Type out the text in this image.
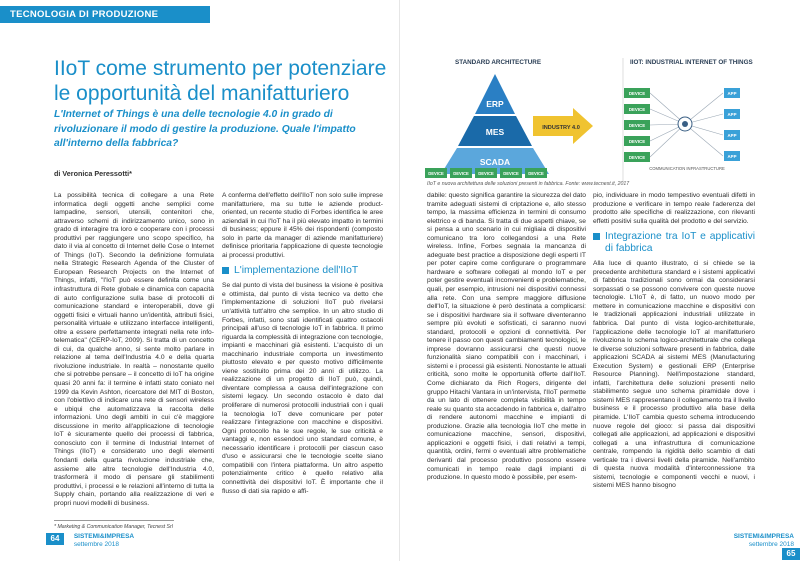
TECNOLOGIA DI PRODUZIONE
IIoT come strumento per potenziare le opportunità del manifatturiero
L'Internet of Things è una delle tecnologie 4.0 in grado di rivoluzionare il modo di gestire la produzione. Quale l'impatto all'interno della fabbrica?
di Veronica Peressotti*

La possibilità tecnica di collegare a una Rete informatica degli oggetti anche semplici come lampadine, sensori, utensili, contenitori che, attraverso schemi di indirizzamento unico, sono in grado di interagire tra loro e cooperare con i processi produttivi per raggiungere uno scopo specifico, ha dato il via al concetto di Internet delle Cose o Internet of Things (IoT). Secondo la definizione formulata nella Strategic Research Agenda of the Cluster of European Research Projects on the Internet of Things, infatti, "l'IoT può essere definita come una infrastruttura di Rete globale e dinamica con capacità di auto configurazione sulla base di protocolli di comunicazione standard e interoperabili, dove gli oggetti fisici e virtuali hanno un'identità, attributi fisici, personalità virtuale e utilizzano interfacce intelligenti, oltre a essere perfettamente integrati nella rete info-telematica" (CERP-IoT, 2009). Si tratta di un concetto di cui, da qualche anno, si sente molto parlare in relazione al tema dell'Industria 4.0 e della quarta rivoluzione industriale. In realtà – nonostante quello che si potrebbe pensare – il concetto di IoT ha origine quasi 20 anni fa: il termine è infatti stato coniato nel 1999 da Kevin Ashton, ricercatore del MIT di Boston, con l'obiettivo di indicare una rete di sensori wireless e ubiqui che automatizzava la raccolta delle informazioni. Uno degli ambiti in cui c'è maggiore discussione in merito all'applicazione di tecnologie IoT è sicuramente quello dei processi di fabbrica, conosciuto con il termine di Industrial Internet of Things (IIoT) e considerato uno degli elementi fondanti della quarta rivoluzione industriale che, assieme alle altre tecnologie dell'Industria 4.0, trasformerà il modo di pensare gli stabilimenti produttivi, i processi e le relazioni all'interno di tutta la Supply chain, portando alla realizzazione di veri e propri nuovi modelli di business.

A conferma dell'effetto dell'IIoT non solo sulle imprese manifatturiere, ma su tutte le aziende product-oriented, un recente studio di Forbes identifica le aree aziendali in cui l'IoT ha il più elevato impatto in termini di business; eppure il 45% dei rispondenti (composto solo in parte da manager di aziende manifatturiere) definisce prioritaria l'applicazione di queste tecnologie ai processi produttivi.

L'implementazione dell'IIoT

Se dal punto di vista del business la visione è positiva e ottimista, dal punto di vista tecnico va detto che l'implementazione di soluzioni IIoT può rivelarsi un'attività tutt'altro che semplice. In un altro studio di Forbes, infatti, sono stati identificati quattro ostacoli principali all'uso di tecnologie IoT in fabbrica. Il primo riguarda la complessità di integrazione con tecnologie, impianti e macchinari già esistenti. L'acquisto di un macchinario industriale comporta un investimento piuttosto elevato e per questo motivo difficilmente viene sostituito prima dei 20 anni di utilizzo. La realizzazione di un progetto di IIoT può, quindi, diventare complessa a causa dell'integrazione con sistemi legacy. Un secondo ostacolo è dato dal proliferare di numerosi protocolli industriali con i quali la tecnologia IoT deve comunicare per poter realizzare l'integrazione con macchine e dispositivi. Ogni protocollo ha le sue regole, le sue criticità e vantaggi e, non essendoci uno standard comune, è necessario identificare i protocolli per ciascun caso d'uso e assicurarsi che le tecnologie scelte siano compatibili con l'intera piattaforma. Un altro aspetto potenzialmente critico è quello relativo alla connettività dei dispositivi IoT. È importante che il flusso di dati sia rapido e affi-

* Marketing & Communication Manager, Tecnest Srl
64 SISTEMI&IMPRESA
settembre 2018
STANDARD ARCHITECTURE	IIOT: INDUSTRIAL INTERNET OF THINGS
ERP
MES
SCADA
INDUSTRY 4.0
DEVICE
DEVICE
DEVICE
DEVICE
DEVICE
COMMUNICATION INFRASTRUCTURE
APP
APP
APP
APP
DEVICE DEVICE DEVICE DEVICE DEVICE
IIoT e nuova architettura delle soluzioni presenti in fabbrica. Fonte: www.tecnest.it, 2017

dabile: questo significa garantire la sicurezza del dato tramite adeguati sistemi di criptazione e, allo stesso tempo, la massima efficienza in termini di consumo elettrico e di banda. Si tratta di due aspetti chiave, se si pensa a uno scenario in cui migliaia di dispositivi comunicano tra loro collegandosi a una Rete wireless. Infine, Forbes segnala la mancanza di adeguate best practice a disposizione degli esperti IT per poter capire come configurare o programmare hardware e software collegati al mondo IoT e per poter gestire eventuali inconvenienti e problematiche, quali, per esempio, intrusioni nei dispositivi connessi alla rete. Con una sempre maggiore diffusione dell'IoT, la situazione è però destinata a complicarsi: se i dispositivi hardware sia il software diventeranno sempre più evoluti e sofisticati, ci saranno nuovi standard, protocolli e opzioni di connettività. Per tenere il passo con questi cambiamenti tecnologici, le imprese dovranno assicurarsi che questi nuove funzionalità siano compatibili con i macchinari, i sistemi e i processi già esistenti. Nonostante le attuali criticità, sono molte le opportunità offerte dall'IIoT. Come dichiarato da Rich Rogers, dirigente del gruppo Hitachi Vantara in un'intervista, l'IIoT permette da un lato di ottenere completa visibilità in tempo reale su quanto sta accadendo in fabbrica e, dall'altro di rendere autonomi macchine e impianti di produzione. Grazie alla tecnologia IIoT che mette in comunicazione macchine, sensori, dispositivi, applicazioni e oggetti fisici, i dati relativi a tempi, quantità, ordini, fermi o eventuali altre problematiche derivanti dal processo produttivo possono essere comunicati in tempo reale dagli impianti di produzione. In questo modo è possibile, per esem-

pio, individuare in modo tempestivo eventuali difetti in produzione e verificare in tempo reale l'aderenza del prodotto alle specifiche di realizzazione, con rilevanti effetti positivi sulla qualità del prodotto e del servizio.

Integrazione tra IoT e applicativi di fabbrica

Alla luce di quanto illustrato, ci si chiede se la precedente architettura standard e i sistemi applicativi di fabbrica tradizionali sono ormai da considerarsi sorpassati o se possono convivere con queste nuove tecnologie. L'IIoT è, di fatto, un nuovo modo per mettere in comunicazione macchine e dispositivi con le tradizionali applicazioni industriali utilizzate in fabbrica. Dal punto di vista logico-architetturale, l'applicazione delle tecnologie IoT al manifatturiero rivoluziona lo schema logico-architetturale che collega le diverse soluzioni software presenti in fabbrica, dalle applicazioni SCADA ai sistemi MES (Manufacturing Execution System) e gestionali ERP (Enterprise Resource Planning). Nell'impostazione standard, infatti, l'architettura delle soluzioni presenti nello stabilimento segue uno schema piramidale dove i sistemi MES rappresentano il collegamento tra il livello business e il processo produttivo alla base della piramide. L'IIoT cambia questo schema introducendo nuove regole del gioco: si passa dai dispositivi collegati alle applicazioni, ad applicazioni e dispositivi collegati a una infrastruttura di comunicazione centrale, rompendo la rigidità dello scambio di dati verticale tra i diversi livelli della piramide. Nell'ambito di questa nuova modalità d'interconnessione tra sistemi, tecnologie e componenti vecchi e nuovi, i sistemi MES hanno bisogno

SISTEMI&IMPRESA
settembre 2018 65
